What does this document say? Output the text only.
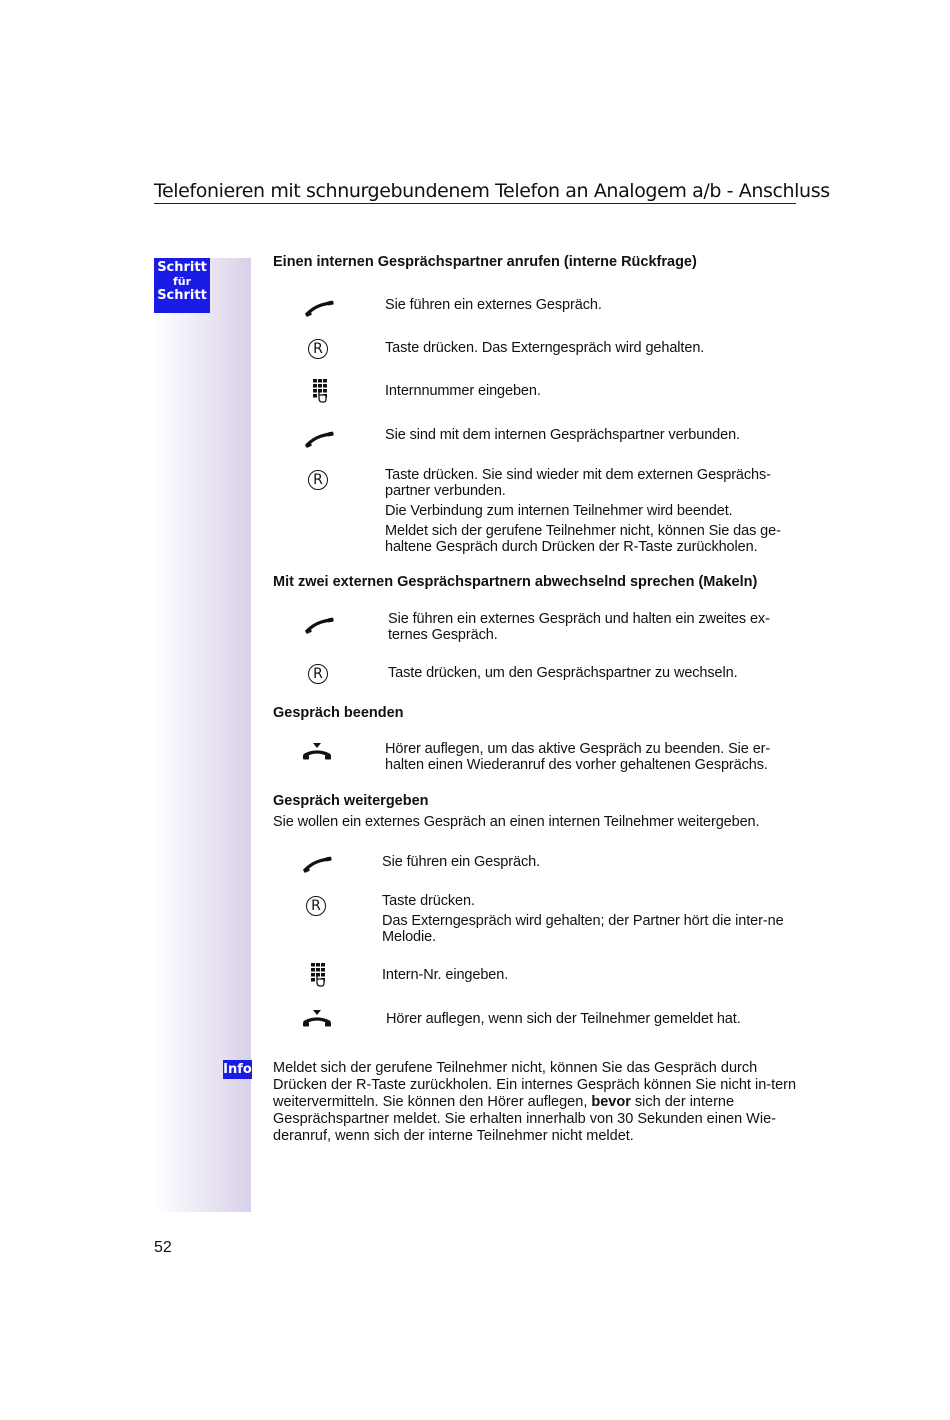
Telefonieren mit schnurgebundenem Telefon an Analogem a/b - Anschluss
Schritt
für
Schritt
Info
Einen internen Gesprächspartner anrufen (interne Rückfrage)
Sie führen ein externes Gespräch.
R	Taste drücken. Das Externgespräch wird gehalten.
Internnummer eingeben.
Sie sind mit dem internen Gesprächspartner verbunden.
R	Taste drücken. Sie sind wieder mit dem externen Gesprächs-partner verbunden.

Die Verbindung zum internen Teilnehmer wird beendet.

Meldet sich der gerufene Teilnehmer nicht, können Sie das ge-haltene Gespräch durch Drücken der R-Taste zurückholen.

Mit zwei externen Gesprächspartnern abwechselnd sprechen (Makeln)
Sie führen ein externes Gespräch und halten ein zweites ex-ternes Gespräch.
R	Taste drücken, um den Gesprächspartner zu wechseln.
Gespräch beenden
Hörer auflegen, um das aktive Gespräch zu beenden. Sie er-halten einen Wiederanruf des vorher gehaltenen Gesprächs.
Gespräch weitergeben
Sie wollen ein externes Gespräch an einen internen Teilnehmer weitergeben.
Sie führen ein Gespräch.
R	Taste drücken.

Das Externgespräch wird gehalten; der Partner hört die inter-ne Melodie.

Intern-Nr. eingeben.
Hörer auflegen, wenn sich der Teilnehmer gemeldet hat.
Meldet sich der gerufene Teilnehmer nicht, können Sie das Gespräch durch Drücken der R-Taste zurückholen. Ein internes Gespräch können Sie nicht in-tern weitervermitteln. Sie können den Hörer auflegen, bevor sich der interne Gesprächspartner meldet. Sie erhalten innerhalb von 30 Sekunden einen Wie-deranruf, wenn sich der interne Teilnehmer nicht meldet.
52
